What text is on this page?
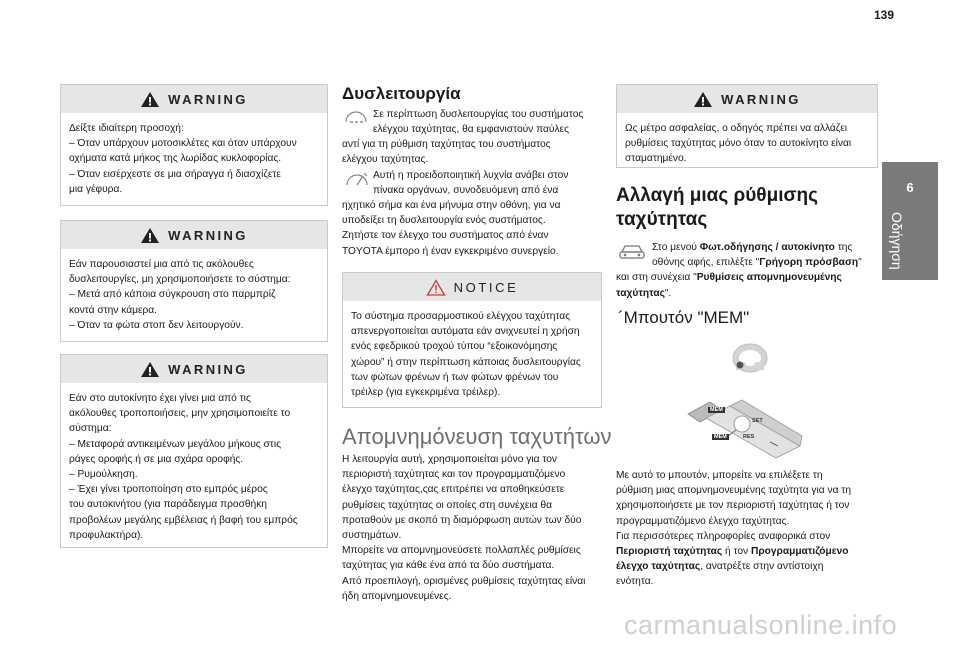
139
6
Οδήγηση
WARNING
Δείξτε ιδιαίτερη προσοχή:
– Όταν υπάρχουν μοτοσικλέτες και όταν υπάρχουν
οχήματα κατά μήκος της λωρίδας κυκλοφορίας.
– Όταν εισέρχεστε σε μια σήραγγα ή διασχίζετε
μια γέφυρα.
WARNING
Εάν παρουσιαστεί μια από τις ακόλουθες
δυσλειτουργίες, μη χρησιμοποιήσετε το σύστημα:
– Μετά από κάποια σύγκρουση στο παρμπρίζ
κοντά στην κάμερα.
– Όταν τα φώτα στοπ δεν λειτουργούν.
WARNING
Εάν στο αυτοκίνητο έχει γίνει μια από τις
ακόλουθες τροποποιήσεις, μην χρησιμοποιείτε το
σύστημα:
– Μεταφορά αντικειμένων μεγάλου μήκους στις
ράγες οροφής ή σε μια σχάρα οροφής.
– Ρυμούλκηση.
– Έχει γίνει τροποποίηση στο εμπρός μέρος
του αυτοκινήτου (για παράδειγμα προσθήκη
προβολέων μεγάλης εμβέλειας ή βαφή του εμπρός
προφυλακτήρα).
Δυσλειτουργία
Σε περίπτωση δυσλειτουργίας του συστήματος
ελέγχου ταχύτητας, θα εμφανιστούν παύλες
αντί για τη ρύθμιση ταχύτητας του συστήματος
ελέγχου ταχύτητας.
Αυτή η προειδοποιητική λυχνία ανάβει στον
πίνακα οργάνων, συνοδευόμενη από ένα
ηχητικό σήμα και ένα μήνυμα στην οθόνη, για να
υποδείξει τη δυσλειτουργία ενός συστήματος.
Ζητήστε τον έλεγχο του συστήματος από έναν
TOYOTA έμπορο ή έναν εγκεκριμένο συνεργείο.
NOTICE
Το σύστημα προσαρμοστικού ελέγχου ταχύτητας
απενεργοποιείται αυτόματα εάν ανιχνευτεί η χρήση
ενός εφεδρικού τροχού τύπου “εξοικονόμησης
χώρου” ή στην περίπτωση κάποιας δυσλειτουργίας
των φώτων φρένων ή των φώτων φρένων του
τρέιλερ (για εγκεκριμένα τρέιλερ).
Απομνημόνευση ταχυτήτων
Η λειτουργία αυτή, χρησιμοποιείται μόνο για τον
περιοριστή ταχύτητας και τον προγραμματιζόμενο
έλεγχο ταχύτητας,ςας επιτρέπει να αποθηκεύσετε
ρυθμίσεις ταχύτητας οι οποίες στη συνέχεια θα
προταθούν με σκοπό τη διαμόρφωση αυτών των δύο
συστημάτων.
Μπορείτε να απομνημονεύσετε πολλαπλές ρυθμίσεις
ταχύτητας για κάθε ένα από τα δύο συστήματα.
Από προεπιλογή, ορισμένες ρυθμίσεις ταχύτητας είναι
ήδη απομνημονευμένες.
WARNING
Ως μέτρο ασφαλείας, ο οδηγός πρέπει να αλλάζει
ρυθμίσεις ταχύτητας μόνο όταν το αυτοκίνητο είναι
σταματημένο.
Αλλαγή μιας ρύθμισης
ταχύτητας
Στο μενού Φωτ.οδήγησης / αυτοκίνητο της
οθόνης αφής, επιλέξτε "Γρήγορη πρόσβαση"
και στη συνέχεια "Ρυθμίσεις απομνημονευμένης
ταχύτητας".
´Μπουτόν "MEM"
MEM
SET
MEM	RES
Με αυτό το μπουτόν, μπορείτε να επιλέξετε τη
ρύθμιση μιας απομνημονευμένης ταχύτητα για να τη
χρησιμοποιήσετε με τον περιοριστή ταχύτητας ή τον
προγραμματιζόμενο έλεγχο ταχύτητας.
Για περισσότερες πληροφορίες αναφορικά στον
Περιοριστή ταχύτητας ή τον Προγραμματιζόμενο
έλεγχο ταχύτητας, ανατρέξτε στην αντίστοιχη
ενότητα.
carmanualsonline.info
